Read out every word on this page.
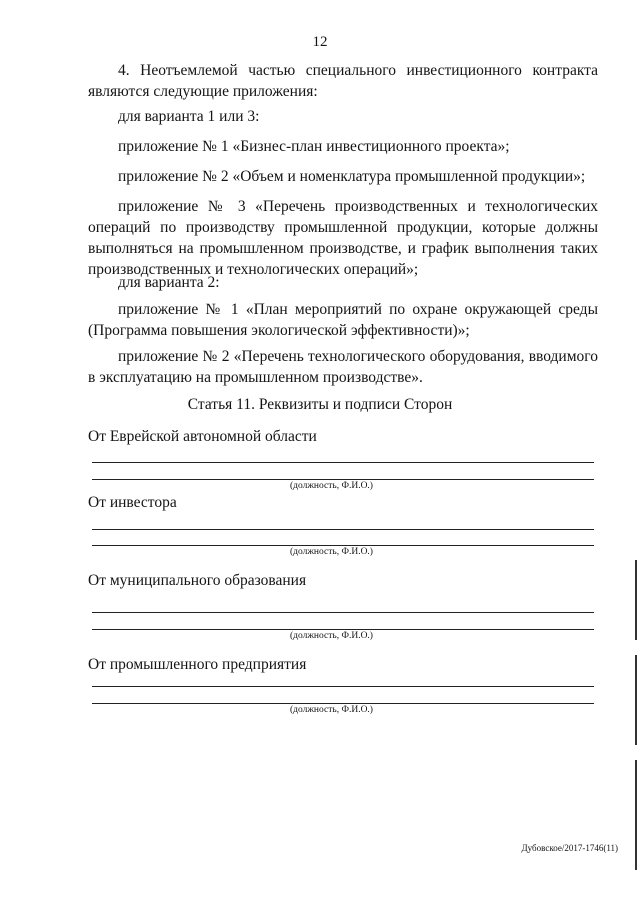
12

4. Неотъемлемой частью специального инвестиционного контракта являются следующие приложения:

для варианта 1 или 3:

приложение № 1 «Бизнес-план инвестиционного проекта»;

приложение № 2 «Объем и номенклатура промышленной продукции»;

приложение № 3 «Перечень производственных и технологических операций по производству промышленной продукции, которые должны выполняться на промышленном производстве, и график выполнения таких производственных и технологических операций»;

для варианта 2:

приложение № 1 «План мероприятий по охране окружающей среды (Программа повышения экологической эффективности)»;

приложение № 2 «Перечень технологического оборудования, вводимого в эксплуатацию на промышленном производстве».

Статья 11. Реквизиты и подписи Сторон
От Еврейской автономной области
(должность, Ф.И.О.)
От инвестора
(должность, Ф.И.О.)
От муниципального образования
(должность, Ф.И.О.)
От промышленного предприятия
(должность, Ф.И.О.)
Дубовское/2017-1746(11)
